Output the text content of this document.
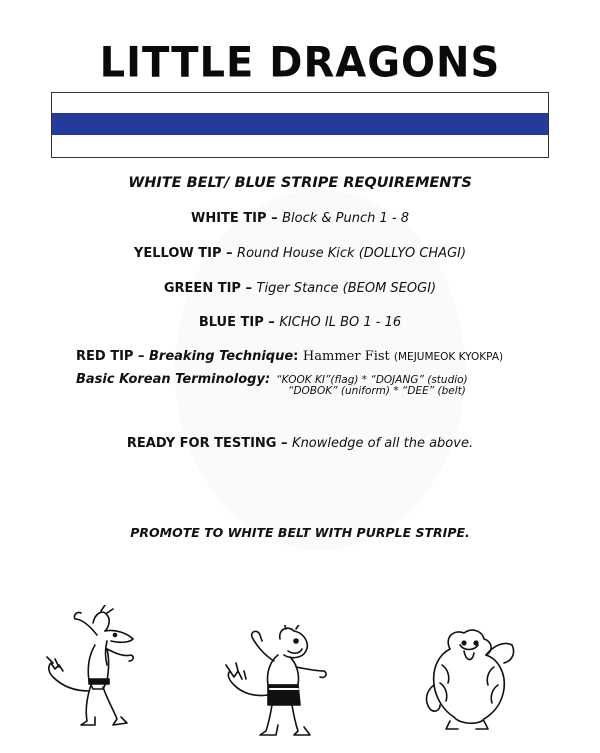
LITTLE DRAGONS
WHITE BELT/ BLUE STRIPE REQUIREMENTS
WHITE TIP – Block & Punch 1 - 8
YELLOW TIP – Round House Kick (DOLLYO CHAGI)
GREEN TIP – Tiger Stance (BEOM SEOGI)
BLUE TIP – KICHO IL BO 1 - 16
RED TIP – Breaking Technique: Hammer Fist (MEJUMEOK KYOKPA)
Basic Korean Terminology: “KOOK KI”(flag) * “DOJANG” (studio)
“DOBOK” (uniform) * “DEE” (belt)
READY FOR TESTING – Knowledge of all the above.
PROMOTE TO WHITE BELT WITH PURPLE STRIPE.
